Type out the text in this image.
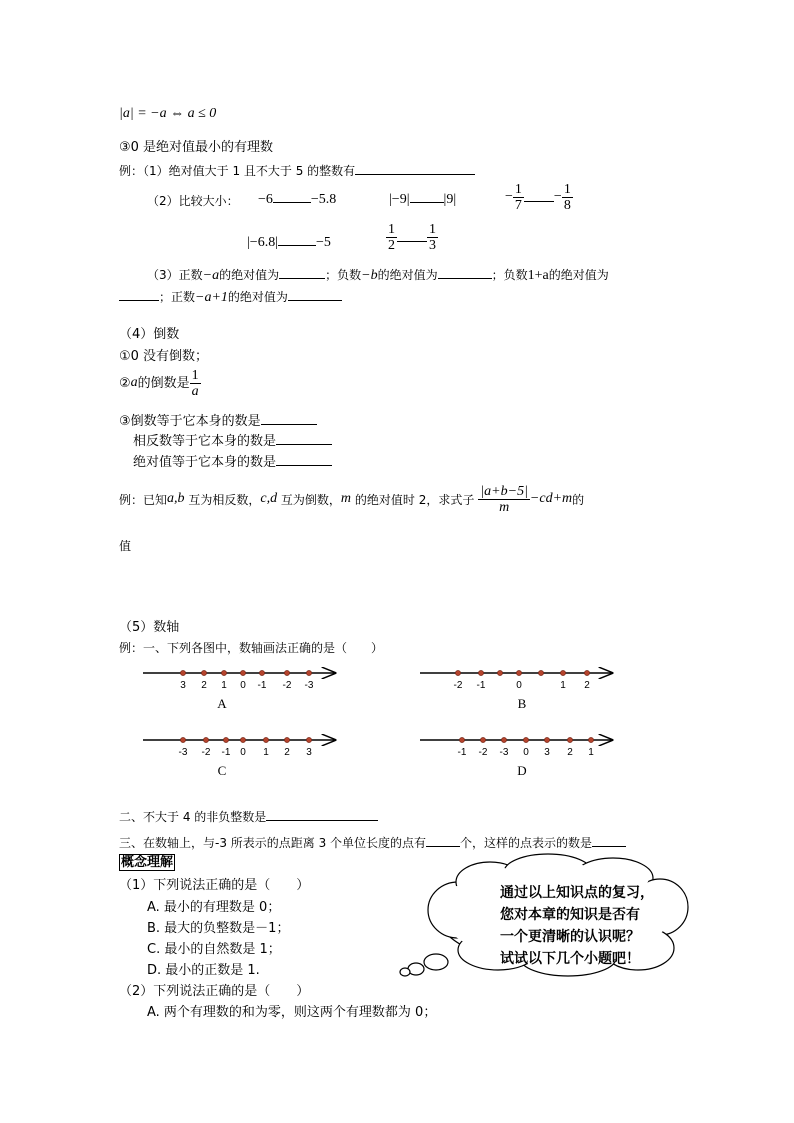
|a| = −a ⇔ a ≤ 0
③0 是绝对值最小的有理数
例：（1）绝对值大于 1 且不大于 5 的整数有
（2）比较大小： −6	−5.8	|−9| |9|	− $\frac{1}{7} - \frac{1}{8}$
|−6.8|	−5	$\frac{1}{2} \frac{1}{3}$
（3）正数−a的绝对值为	；负数−b的绝对值为	；负数1+a的绝对值为
；正数−a+1的绝对值为
（4）倒数
①0 没有倒数；
② a 的倒数是 $\frac{1}{a}$
③倒数等于它本身的数是
相反数等于它本身的数是
绝对值等于它本身的数是
例：已知 a,b
互为相反数， c,d
互为倒数， m
的绝对值时 2，求式子 $\frac{|a+b-5|}{m} -cd+m$ 的
值
（5）数轴
例：一、下列各图中，数轴画法正确的是（　　）
3 2 1 0 -1 -2 -3
A
-2 -1	0	1 2
B
-3 -2 -1 0 1 2 3
C
-1 -2 -3 0 3 2 1
D
二、不大于 4 的非负整数是
三、在数轴上，与-3 所表示的点距离 3 个单位长度的点有	个，这样的点表示的数是
概念理解
（1）下列说法正确的是（　　）
A. 最小的有理数是 0；
B. 最大的负整数是－1；
C. 最小的自然数是 1；
D. 最小的正数是 1.
（2）下列说法正确的是（　　）
A. 两个有理数的和为零，则这两个有理数都为 0；
通过以上知识点的复习，
您对本章的知识是否有
一个更清晰的认识呢？
试试以下几个小题吧！
